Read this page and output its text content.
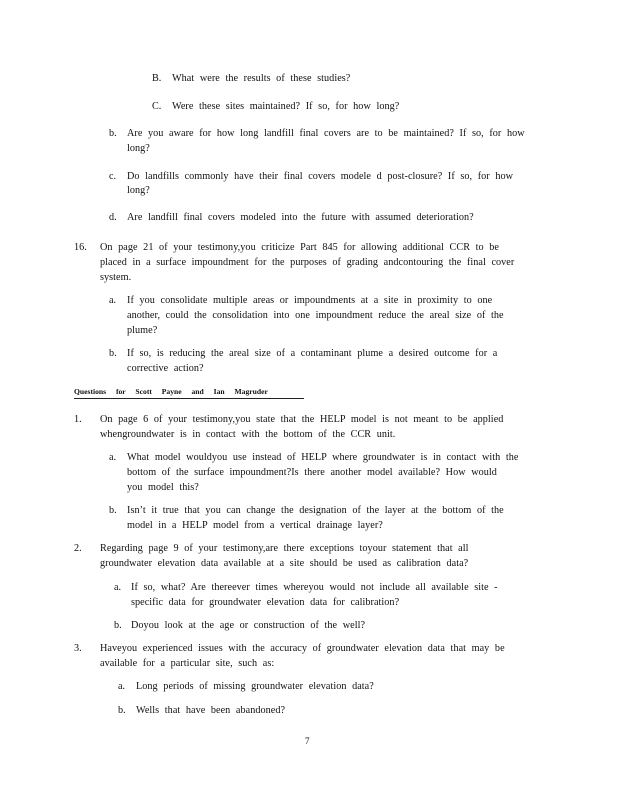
B. What were the results of these studies?
C. Were these sites maintained? If so, for how long?
b. Are you aware for how long landfill final covers are to be maintained? If so, for how
long?
c. Do landfills commonly have their final covers modele d post-closure? If so, for how
long?
d. Are landfill final covers modeled into the future with assumed deterioration?
16. On page 21 of your testimony,you criticize Part 845 for allowing additional CCR to be
placed in a surface impoundment for the purposes of grading andcontouring the final cover
system.
a. If you consolidate multiple areas or impoundments at a site in proximity to one
another, could the consolidation into one impoundment reduce the areal size of the
plume?
b. If so, is reducing the areal size of a contaminant plume a desired outcome for a
corrective action?
Questions for Scott Payne and Ian Magruder
1. On page 6 of your testimony,you state that the HELP model is not meant to be applied
whengroundwater is in contact with the bottom of the CCR unit.
a. What model wouldyou use instead of HELP where groundwater is in contact with the
bottom of the surface impoundment?Is there another model available? How would
you model this?
b. Isn’t it true that you can change the designation of the layer at the bottom of the
model in a HELP model from a vertical drainage layer?
2. Regarding page 9 of your testimony,are there exceptions toyour statement that all
groundwater elevation data available at a site should be used as calibration data?
a. If so, what? Are thereever times whereyou would not include all available site -
specific data for groundwater elevation data for calibration?
b. Doyou look at the age or construction of the well?
3. Haveyou experienced issues with the accuracy of groundwater elevation data that may be
available for a particular site, such as:
a. Long periods of missing groundwater elevation data?
b. Wells that have been abandoned?
7
